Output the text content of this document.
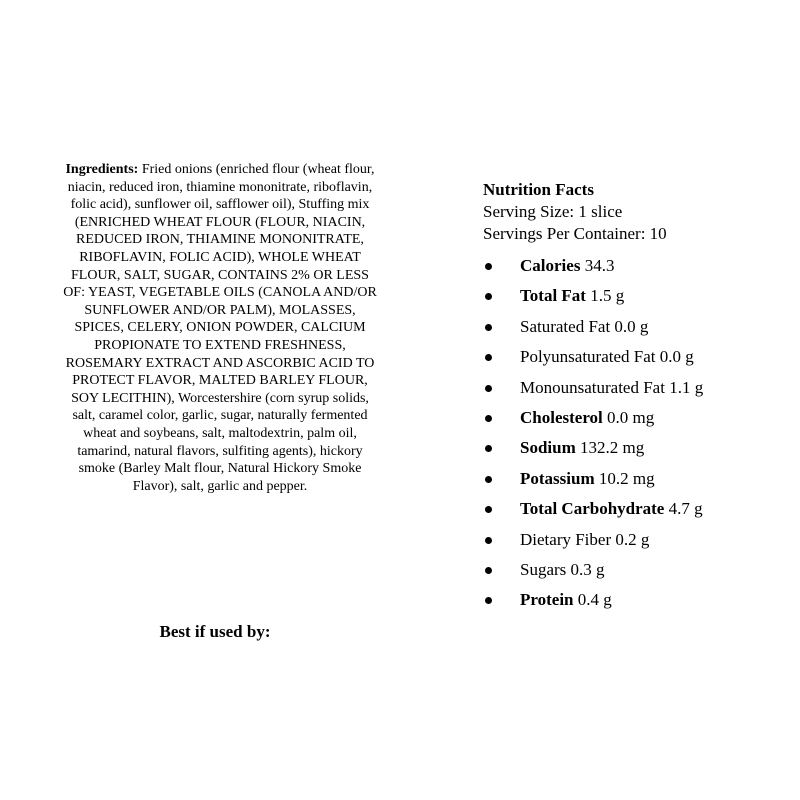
Ingredients: Fried onions (enriched flour (wheat flour, niacin, reduced iron, thiamine mononitrate, riboflavin, folic acid), sunflower oil, safflower oil), Stuffing mix (ENRICHED WHEAT FLOUR (FLOUR, NIACIN, REDUCED IRON, THIAMINE MONONITRATE, RIBOFLAVIN, FOLIC ACID), WHOLE WHEAT FLOUR, SALT, SUGAR, CONTAINS 2% OR LESS OF: YEAST, VEGETABLE OILS (CANOLA AND/OR SUNFLOWER AND/OR PALM), MOLASSES, SPICES, CELERY, ONION POWDER, CALCIUM PROPIONATE TO EXTEND FRESHNESS, ROSEMARY EXTRACT AND ASCORBIC ACID TO PROTECT FLAVOR, MALTED BARLEY FLOUR, SOY LECITHIN), Worcestershire (corn syrup solids, salt, caramel color, garlic, sugar, naturally fermented wheat and soybeans, salt, maltodextrin, palm oil, tamarind, natural flavors, sulfiting agents), hickory smoke (Barley Malt flour, Natural Hickory Smoke Flavor), salt, garlic and pepper.
Best if used by:
Nutrition Facts
Serving Size: 1 slice
Servings Per Container: 10
Calories 34.3
Total Fat 1.5 g
Saturated Fat 0.0 g
Polyunsaturated Fat 0.0 g
Monounsaturated Fat 1.1 g
Cholesterol 0.0 mg
Sodium 132.2 mg
Potassium 10.2 mg
Total Carbohydrate 4.7 g
Dietary Fiber 0.2 g
Sugars 0.3 g
Protein 0.4 g
